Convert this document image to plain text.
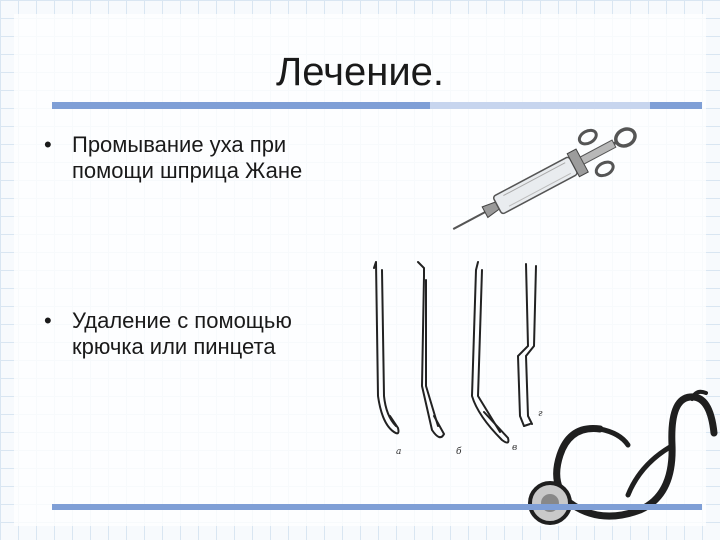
Лечение.
• Промывание уха при
помощи шприца Жане
• Удаление с помощью
крючка или пинцета
а	б	в
г
